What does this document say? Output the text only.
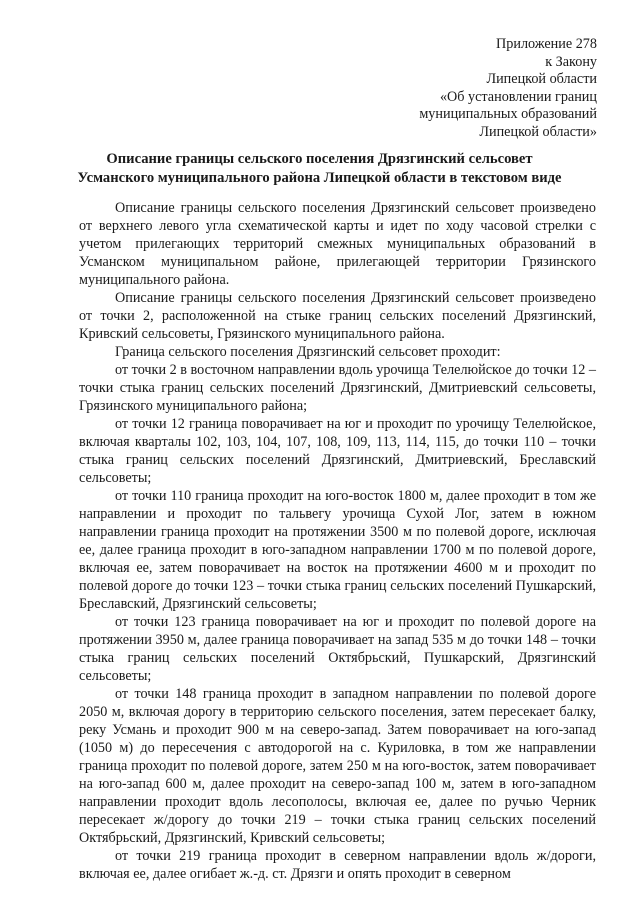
Приложение 278
к Закону
Липецкой области
«Об установлении границ
муниципальных образований
Липецкой области»
Описание границы сельского поселения Дрязгинский сельсовет
Усманского муниципального района Липецкой области в текстовом виде

Описание границы сельского поселения Дрязгинский сельсовет произведено от верхнего левого угла схематической карты и идет по ходу часовой стрелки с учетом прилегающих территорий смежных муниципальных образований в Усманском муниципальном районе, прилегающей территории Грязинского муниципального района.

Описание границы сельского поселения Дрязгинский сельсовет произведено от точки 2, расположенной на стыке границ сельских поселений Дрязгинский, Кривский сельсоветы, Грязинского муниципального района.

Граница сельского поселения Дрязгинский сельсовет проходит:

от точки 2 в восточном направлении вдоль урочища Телелюйское до точки 12 – точки стыка границ сельских поселений Дрязгинский, Дмитриевский сельсоветы, Грязинского муниципального района;

от точки 12 граница поворачивает на юг и проходит по урочищу Телелюйское, включая кварталы 102, 103, 104, 107, 108, 109, 113, 114, 115, до точки 110 – точки стыка границ сельских поселений Дрязгинский, Дмитриевский, Бреславский сельсоветы;

от точки 110 граница проходит на юго-восток 1800 м, далее проходит в том же направлении и проходит по тальвегу урочища Сухой Лог, затем в южном направлении граница проходит на протяжении 3500 м по полевой дороге, исключая ее, далее граница проходит в юго-западном направлении 1700 м по полевой дороге, включая ее, затем поворачивает на восток на протяжении 4600 м и проходит по полевой дороге до точки 123 – точки стыка границ сельских поселений Пушкарский, Бреславский, Дрязгинский сельсоветы;

от точки 123 граница поворачивает на юг и проходит по полевой дороге на протяжении 3950 м, далее граница поворачивает на запад 535 м до точки 148 – точки стыка границ сельских поселений Октябрьский, Пушкарский, Дрязгинский сельсоветы;

от точки 148 граница проходит в западном направлении по полевой дороге 2050 м, включая дорогу в территорию сельского поселения, затем пересекает балку, реку Усмань и проходит 900 м на северо-запад. Затем поворачивает на юго-запад (1050 м) до пересечения с автодорогой на с. Куриловка, в том же направлении граница проходит по полевой дороге, затем 250 м на юго-восток, затем поворачивает на юго-запад 600 м, далее проходит на северо-запад 100 м, затем в юго-западном направлении проходит вдоль лесополосы, включая ее, далее по ручью Черник пересекает ж/дорогу до точки 219 – точки стыка границ сельских поселений Октябрьский, Дрязгинский, Кривский сельсоветы;

от точки 219 граница проходит в северном направлении вдоль ж/дороги, включая ее, далее огибает ж.-д. ст. Дрязги и опять проходит в северном
